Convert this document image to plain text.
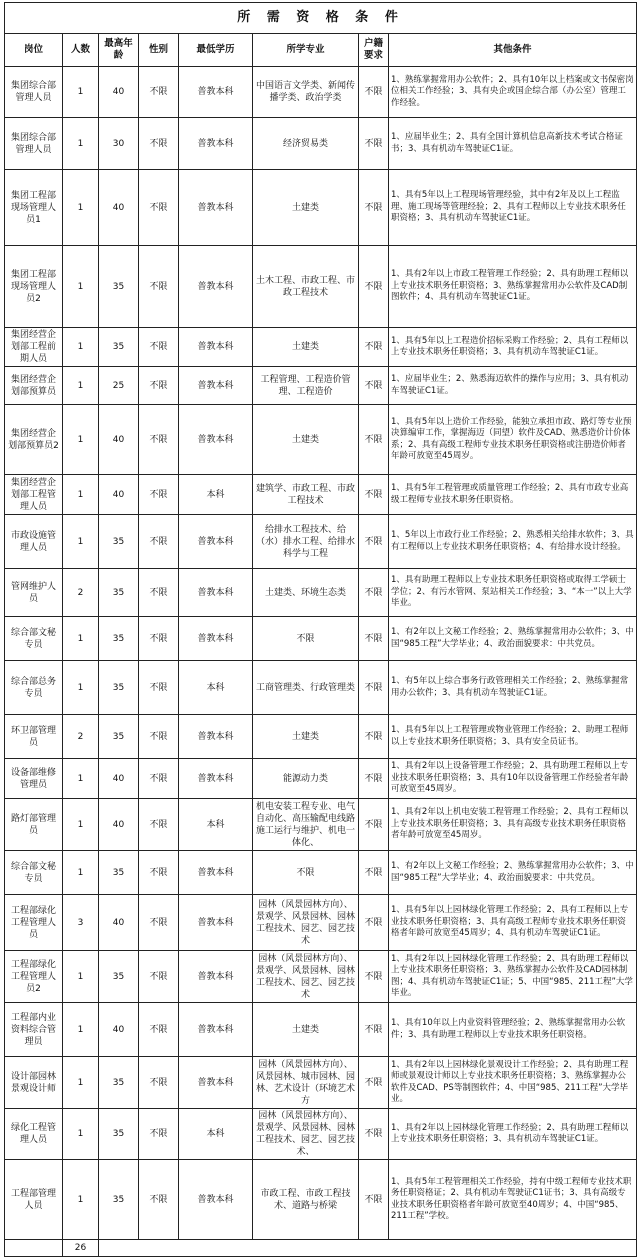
所 需 资 格 条 件							
岗位	人数	最高年龄	性别	最低学历	所学专业	户籍要求	其他条件
集团综合部管理人员	1	40	不限	普教本科	中国语言文学类、新闻传播学类、政治学类	不限	1、熟练掌握常用办公软件；2、具有10年以上档案或文书保密岗位相关工作经验；3、具有央企或国企综合部（办公室）管理工作经验。
集团综合部管理人员	1	30	不限	普教本科	经济贸易类	不限	1、应届毕业生；2、具有全国计算机信息高新技术考试合格证书；3、具有机动车驾驶证C1证。
集团工程部现场管理人员1	1	40	不限	普教本科	土建类	不限	1、具有5年以上工程现场管理经验，其中有2年及以上工程监理、施工现场等管理经验；2、具有工程师以上专业技术职务任职资格；3、具有机动车驾驶证C1证。
集团工程部现场管理人员2	1	35	不限	普教本科	土木工程、市政工程、市政工程技术	不限	1、具有2年以上市政工程管理工作经验；2、具有助理工程师以上专业技术职务任职资格；3、熟练掌握常用办公软件及CAD制图软件；4、具有机动车驾驶证C1证。
集团经营企划部工程前期人员	1	35	不限	普教本科	土建类	不限	1、具有5年以上工程造价招标采购工作经验；2、具有工程师以上专业技术职务任职资格；3、具有机动车驾驶证C1证。
集团经营企划部预算员	1	25	不限	普教本科	工程管理、工程造价管理、工程造价	不限	1、应届毕业生；2、熟悉海迈软件的操作与应用；3、具有机动车驾驶证C1证。
集团经营企划部预算员2	1	40	不限	普教本科	土建类	不限	1、具有5年以上造价工作经验，能独立承担市政、路灯等专业预决算编审工作，掌握海迈（同望）软件及CAD、熟悉造价计价体系；2、具有高级工程师专业技术职务任职资格或注册造价师者年龄可放宽至45周岁。
集团经营企划部工程管理人员	1	40	不限	本科	建筑学、市政工程、市政工程技术	不限	1、具有5年工程管理或质量管理工作经验；2、具有市政专业高级工程师专业技术职务任职资格。
市政设施管理人员	1	35	不限	普教本科	给排水工程技术、给（水）排水工程、给排水科学与工程	不限	1、5年以上市政行业工作经验；2、熟悉相关给排水软件；3、具有工程师以上专业技术职务任职资格；4、有给排水设计经验。
管网维护人员	2	35	不限	普教本科	土建类、环境生态类	不限	1、具有助理工程师以上专业技术职务任职资格或取得工学硕士学位；2、有污水管网、泵站相关工作经验；3、“本一”以上大学毕业。
综合部文秘专员	1	35	不限	普教本科	不限	不限	1、有2年以上文秘工作经验；2、熟练掌握常用办公软件；3、中国“985工程”大学毕业；4、政治面貌要求：中共党员。
综合部总务专员	1	35	不限	本科	工商管理类、行政管理类	不限	1、有5年以上综合事务行政管理相关工作经验；2、熟练掌握常用办公软件；3、具有机动车驾驶证C1证。
环卫部管理员	2	35	不限	普教本科	土建类	不限	1、具有5年以上工程管理或物业管理工作经验；2、助理工程师以上专业技术职务任职资格；3、具有安全员证书。
设备部维修管理员	1	40	不限	普教本科	能源动力类	不限	1、具有2年以上设备管理工作经验；2、具有助理工程师以上专业技术职务任职资格；3、具有10年以设备管理工作经验者年龄可放宽至45周岁。
路灯部管理员	1	40	不限	本科	机电安装工程专业、电气自动化、高压输配电线路施工运行与维护、机电一体化、	不限	1、具有2年以上机电安装工程管理工作经验；2、具有工程师以上专业技术职务任职资格；3、具有高级专业技术职务任职资格者年龄可放宽至45周岁。
综合部文秘专员	1	35	不限	普教本科	不限	不限	1、有2年以上文秘工作经验；2、熟练掌握常用办公软件；3、中国“985工程”大学毕业；4、政治面貌要求：中共党员。
工程部绿化工程管理人员	3	40	不限	普教本科	园林（风景园林方向）、景观学、风景园林、园林工程技术、园艺、园艺技术	不限	1、具有5年以上园林绿化管理工作经验；2、具有工程师以上专业技术职务任职资格；3、具有高级工程师专业技术职务任职资格者年龄可放宽至45周岁；4、具有机动车驾驶证C1证。
工程部绿化工程管理人员2	1	35	不限	普教本科	园林（风景园林方向）、景观学、风景园林、园林工程技术、园艺、园艺技术	不限	1、具有2年以上园林绿化管理工作经验；2、具有助理工程师以上专业技术职务任职资格；3、熟练掌握办公软件及CAD园林制图；4、具有机动车驾驶证C1证；5、中国“985、211工程”大学毕业。
工程部内业资料综合管理员	1	40	不限	普教本科	土建类	不限	1、具有10年以上内业资料管理经验；2、熟练掌握常用办公软件；3、具有助理工程师以上专业技术职务任职资格。
设计部园林景观设计师	1	35	不限	普教本科	园林（风景园林方向）、风景园林、城市园林、园林、艺术设计（环境艺术方	不限	1、具有2年以上园林绿化景观设计工作经验；2、具有助理工程师或景观设计师以上专业技术职务任职资格；3、熟练掌握办公软件及CAD、PS等制图软件；4、中国“985、211工程”大学毕业。
绿化工程管理人员	1	35	不限	本科	园林（风景园林方向）、景观学、风景园林、园林工程技术、园艺、园艺技术、	不限	1、具有2年以上园林绿化管理工作经验；2、具有助理工程师以上专业技术职务任职资格；3、具有机动车驾驶证C1证。
工程部管理人员	1	35	不限	普教本科	市政工程、市政工程技术、道路与桥梁	不限	1、具有5年工程管理相关工作经验，持有中级工程师专业技术职务任职资格证；2、具有机动车驾驶证C1证书；3、具有高级专业技术职务任职资格者年龄可放宽至40周岁；4、中国“985、211工程”学校。
	26						
